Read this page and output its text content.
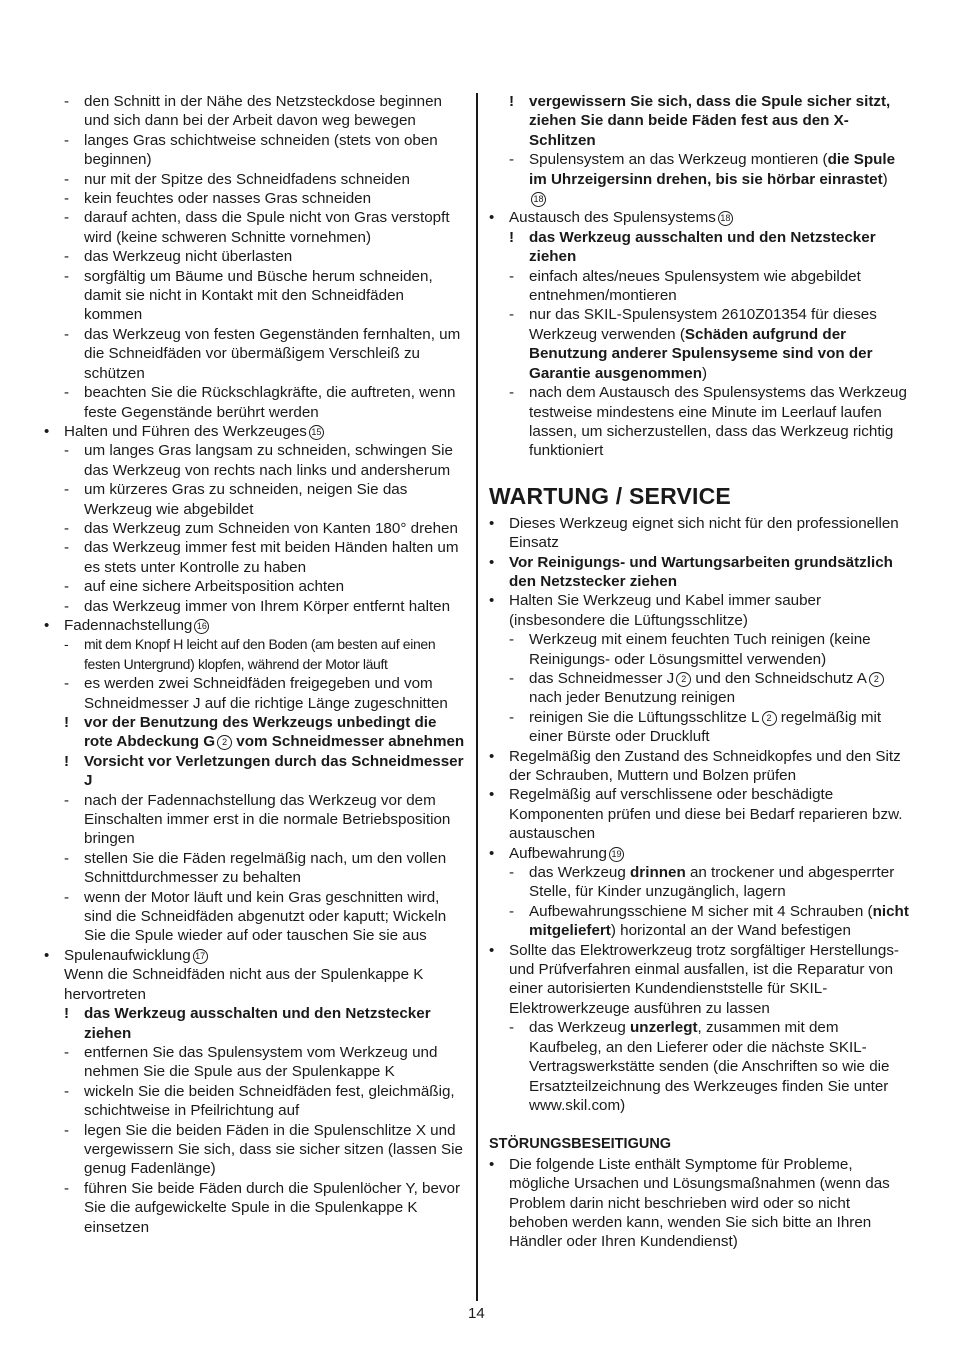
- den Schnitt in der Nähe des Netzsteckdose beginnen und sich dann bei der Arbeit davon weg bewegen
- langes Gras schichtweise schneiden (stets von oben beginnen)
- nur mit der Spitze des Schneidfadens schneiden
- kein feuchtes oder nasses Gras schneiden
- darauf achten, dass die Spule nicht von Gras verstopft wird (keine schweren Schnitte vornehmen)
- das Werkzeug nicht überlasten
- sorgfältig um Bäume und Büsche herum schneiden, damit sie nicht in Kontakt mit den Schneidfäden kommen
- das Werkzeug von festen Gegenständen fernhalten, um die Schneidfäden vor übermäßigem Verschleiß zu schützen
- beachten Sie die Rückschlagkräfte, die auftreten, wenn feste Gegenstände berührt werden
• Halten und Führen des Werkzeuges 15
- um langes Gras langsam zu schneiden, schwingen Sie das Werkzeug von rechts nach links und andersherum
- um kürzeres Gras zu schneiden, neigen Sie das Werkzeug wie abgebildet
- das Werkzeug zum Schneiden von Kanten 180° drehen
- das Werkzeug immer fest mit beiden Händen halten um es stets unter Kontrolle zu haben
- auf eine sichere Arbeitsposition achten
- das Werkzeug immer von Ihrem Körper entfernt halten
• Fadennachstellung 16
- mit dem Knopf H leicht auf den Boden (am besten auf einen festen Untergrund) klopfen, während der Motor läuft
- es werden zwei Schneidfäden freigegeben und vom Schneidmesser J auf die richtige Länge zugeschnitten
! vor der Benutzung des Werkzeugs unbedingt die rote Abdeckung G 2 vom Schneidmesser abnehmen
! Vorsicht vor Verletzungen durch das Schneidmesser J
- nach der Fadennachstellung das Werkzeug vor dem Einschalten immer erst in die normale Betriebsposition bringen
- stellen Sie die Fäden regelmäßig nach, um den vollen Schnittdurchmesser zu behalten
- wenn der Motor läuft und kein Gras geschnitten wird, sind die Schneidfäden abgenutzt oder kaputt; Wickeln Sie die Spule wieder auf oder tauschen Sie sie aus
• Spulenaufwicklung 17
Wenn die Schneidfäden nicht aus der Spulenkappe K hervortreten
! das Werkzeug ausschalten und den Netzstecker ziehen
- entfernen Sie das Spulensystem vom Werkzeug und nehmen Sie die Spule aus der Spulenkappe K
- wickeln Sie die beiden Schneidfäden fest, gleichmäßig, schichtweise in Pfeilrichtung auf
- legen Sie die beiden Fäden in die Spulenschlitze X und vergewissern Sie sich, dass sie sicher sitzen (lassen Sie genug Fadenlänge)
- führen Sie beide Fäden durch die Spulenlöcher Y, bevor Sie die aufgewickelte Spule in die Spulenkappe K einsetzen
! vergewissern Sie sich, dass die Spule sicher sitzt, ziehen Sie dann beide Fäden fest aus den X-Schlitzen
- Spulensystem an das Werkzeug montieren (die Spule im Uhrzeigersinn drehen, bis sie hörbar einrastet)
18
• Austausch des Spulensystems 18
! das Werkzeug ausschalten und den Netzstecker ziehen
- einfach altes/neues Spulensystem wie abgebildet entnehmen/montieren
- nur das SKIL-Spulensystem 2610Z01354 für dieses Werkzeug verwenden (Schäden aufgrund der Benutzung anderer Spulensyseme sind von der Garantie ausgenommen)
- nach dem Austausch des Spulensystems das Werkzeug testweise mindestens eine Minute im Leerlauf laufen lassen, um sicherzustellen, dass das Werkzeug richtig funktioniert
WARTUNG / SERVICE
• Dieses Werkzeug eignet sich nicht für den professionellen Einsatz
• Vor Reinigungs- und Wartungsarbeiten grundsätzlich den Netzstecker ziehen
• Halten Sie Werkzeug und Kabel immer sauber (insbesondere die Lüftungsschlitze)
- Werkzeug mit einem feuchten Tuch reinigen (keine Reinigungs- oder Lösungsmittel verwenden)
- das Schneidmesser J 2 und den Schneidschutz A 2 nach jeder Benutzung reinigen
- reinigen Sie die Lüftungsschlitze L 2 regelmäßig mit einer Bürste oder Druckluft
• Regelmäßig den Zustand des Schneidkopfes und den Sitz der Schrauben, Muttern und Bolzen prüfen
• Regelmäßig auf verschlissene oder beschädigte Komponenten prüfen und diese bei Bedarf reparieren bzw. austauschen
• Aufbewahrung 19
- das Werkzeug drinnen an trockener und abgesperrter Stelle, für Kinder unzugänglich, lagern
- Aufbewahrungsschiene M sicher mit 4 Schrauben (nicht mitgeliefert) horizontal an der Wand befestigen
• Sollte das Elektrowerkzeug trotz sorgfältiger Herstellungs- und Prüfverfahren einmal ausfallen, ist die Reparatur von einer autorisierten Kundendienststelle für SKIL-Elektrowerkzeuge ausführen zu lassen
- das Werkzeug unzerlegt, zusammen mit dem Kaufbeleg, an den Lieferer oder die nächste SKIL-Vertragswerkstätte senden (die Anschriften so wie die Ersatzteilzeichnung des Werkzeuges finden Sie unter www.skil.com)
STÖRUNGSBESEITIGUNG
• Die folgende Liste enthält Symptome für Probleme, mögliche Ursachen und Lösungsmaßnahmen (wenn das Problem darin nicht beschrieben wird oder so nicht behoben werden kann, wenden Sie sich bitte an Ihren Händler oder Ihren Kundendienst)
14
